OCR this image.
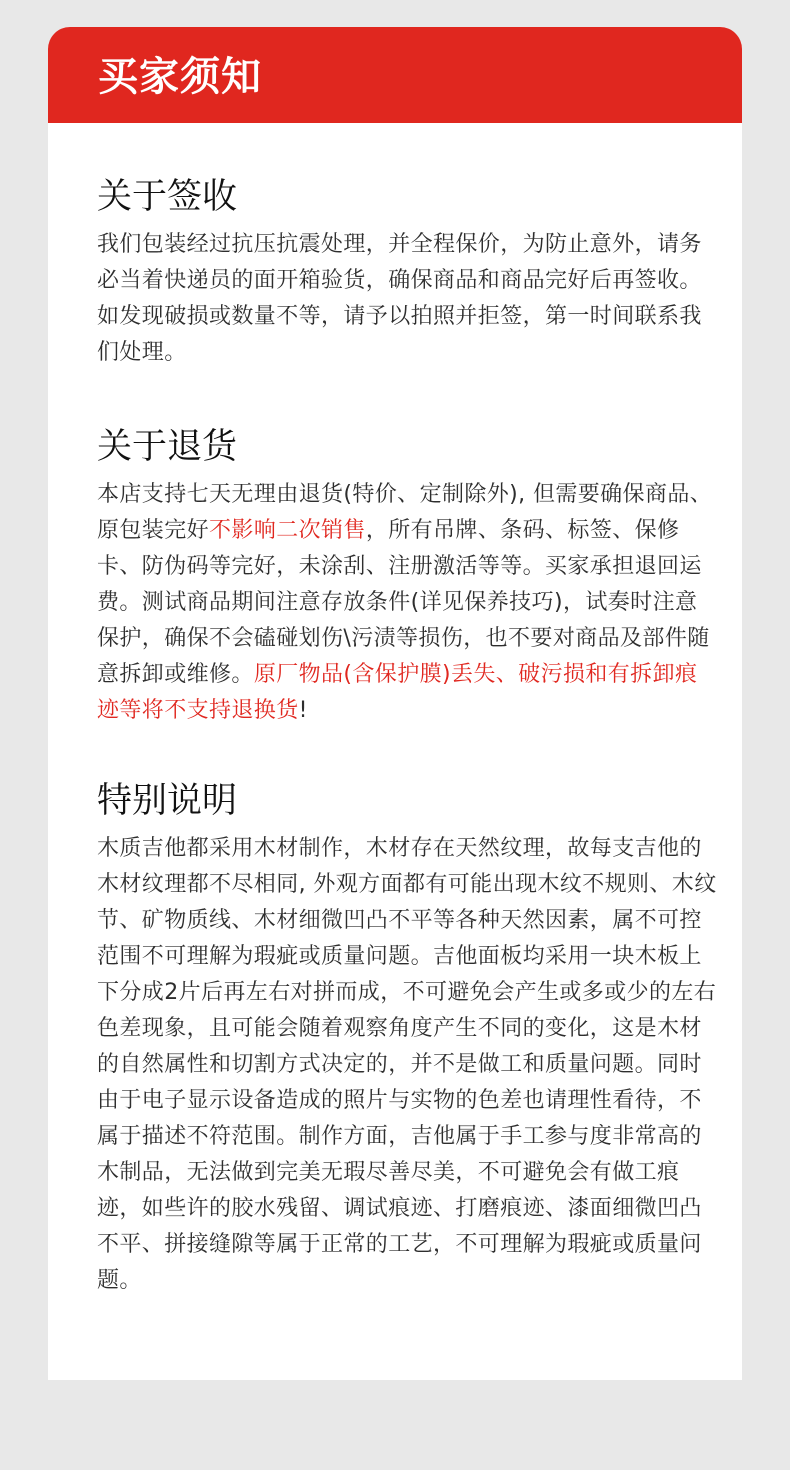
买家须知
关于签收

我们包装经过抗压抗震处理，并全程保价，为防止意外，请务必当着快递员的面开箱验货，确保商品和商品完好后再签收。如发现破损或数量不等，请予以拍照并拒签，第一时间联系我们处理。

关于退货

本店支持七天无理由退货(特价、定制除外), 但需要确保商品、原包装完好不影响二次销售，所有吊牌、条码、标签、保修卡、防伪码等完好，未涂刮、注册激活等等。买家承担退回运费。测试商品期间注意存放条件(详见保养技巧)，试奏时注意保护，确保不会磕碰划伤\污渍等损伤，也不要对商品及部件随意拆卸或维修。原厂物品(含保护膜)丢失、破污损和有拆卸痕迹等将不支持退换货!

特别说明

木质吉他都采用木材制作，木材存在天然纹理，故每支吉他的木材纹理都不尽相同, 外观方面都有可能出现木纹不规则、木纹节、矿物质线、木材细微凹凸不平等各种天然因素，属不可控范围不可理解为瑕疵或质量问题。吉他面板均采用一块木板上下分成2片后再左右对拼而成，不可避免会产生或多或少的左右色差现象，且可能会随着观察角度产生不同的变化，这是木材的自然属性和切割方式决定的，并不是做工和质量问题。同时由于电子显示设备造成的照片与实物的色差也请理性看待，不属于描述不符范围。制作方面，吉他属于手工参与度非常高的木制品，无法做到完美无瑕尽善尽美，不可避免会有做工痕迹，如些许的胶水残留、调试痕迹、打磨痕迹、漆面细微凹凸不平、拼接缝隙等属于正常的工艺，不可理解为瑕疵或质量问题。
